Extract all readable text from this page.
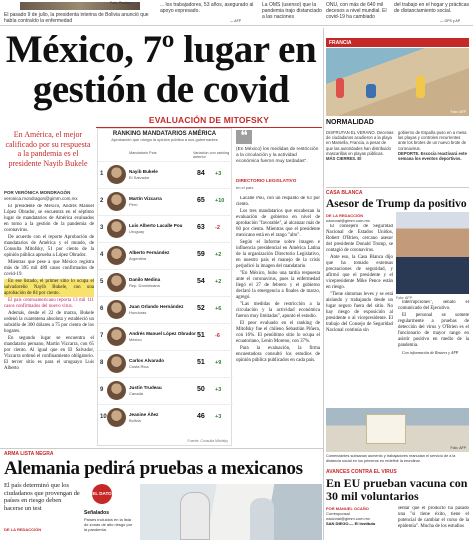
El pasado 9 de julio, la presidenta interina de Bolivia anunció que había contraído la enfermedad
... los trabajadores, 53 años, asegurado al apoyo expresado.
La OMS (usenso) que la pandemia trajo distanciado a las naciones
ONU, con más de 640 mil decesos a nivel mundial. El covid-19 ha cambiado
del trabajo en el hogar y prácticas de distanciamiento social.
Foto: Reuters
— AFP	— OPS y AP
México, 7º lugar en gestión de covid
EVALUACIÓN DE MITOFSKY
En América, el mejor calificado por su respuesta a la pandemia es el presidente Nayib Bukele
POR VERÓNICA MONDRAGÓN
veronica.mondragon@gimm.com.mx

El presidente de México, Andrés Manuel López Obrador, se encuentra en el séptimo lugar de mandatarios de América evaluados en torno a la gestión de la pandemia de coronavirus.

De acuerdo con el reporte Aprobación de mandatarios de América y el mundo, de Consulta Mitofsky, 51 por ciento de la opinión pública aprueba a López Obrador.

Mientras que pese a que México registra más de 395 mil 489 casos confirmados de covid-19.

En ese listado, el primer sitio lo ocupa el salvadoreño Nayib Bukele, con una aprobación de 84 por ciento.

El país centroamericano reporta 13 mil 111 casos confirmados del nuevo virus.

Además, desde el 22 de marzo, Bukele ordenó la cuarentena absoluta y estableció un subsidio de 300 dólares a 75 por ciento de los hogares.

En segundo lugar se encuentra el mandatario peruano, Martín Vizcarra, con 65 por ciento. Al igual que en El Salvador, Vizcarra ordenó el confinamiento obligatorio. El tercer sitio es para el uruguayo Luis Alberto

RANKING MANDATARIOS AMÉRICA
Aprobación que otorga la opinión pública a sus gobernantes
Mandatario País	Variación con ranking anterior
1	Nayib Bukele
El Salvador
84 +3
2	Martín Vizcarra
Perú
65 +10
3	Luis Alberto Lacalle Pou
Uruguay
63 -2
4	Alberto Fernández
Argentina
59 +2
5	Danilo Medina
Rep. Dominicana
54 +2
6	Juan Orlando Hernández
Honduras
52 +6
7	Andrés Manuel López Obrador
México
51 -6
8	Carlos Alvarado
Costa Rica
51 +9
9	Justin Trudeau
Canadá
50 +3
10	Jeanine Áñez
Bolivia
46 +3
Fuente: Consulta Mitofsky
❝
(En México) los medidas de restricción a la circulación y la actividad económica fueron muy tardadas".
DIRECTORIO LEGISLATIVO
en el país

Lacalle Pou, con un respaldo de 63 por ciento.

Los tres mandatarios que encabezan la evaluación de gobierno en nivel de aprobación "favorable", al alcanzar más de 60 por ciento. Mientras que el presidente mexicano está en el rango "alto".

Según el Informe sobre imagen e influencia presidencial en América Latina de la organización Directorio Legislativo, en nuestro país el manejo de la crisis perjudicó la imagen del mandatario.

"En México, hubo una tardía respuesta ante el coronavirus, pues la enfermedad llegó el 27 de febrero y el gobierno declaró la emergencia a finales de marzo, agregó.

"Las medidas de restricción a la circulación y la actividad económica fueron muy limitadas", apuntó el estudio.

El peor evaluado en el ranking de Mitofsky fue el chileno Sebastián Piñera, con 16%. El penúltimo sitio lo ocupa el ecuatoriano, Lenín Moreno, con 37%.

Para la evaluación, la firma encuestadora consultó los estudios de opinión pública publicados en cada país.

FRANCIA
Foto: AFP
NORMALIDAD
DISFRUTAN EL VERANO. Decenas de ciudadanos acudieron a la playa en Marsella, Francia, a pesar de que las autoridades han distribuido mascarillas en playas públicas.
MÁS CIERRES. El
gobierno de España puso en a mesa las playas y controles recurrentes ante los brotes de un nuevo brote de coronavirus.
DEPORTE. Escocia reactivará este semana los eventos deportivos.
CASA BLANCA
Asesor de Trump da positivo
DE LA REDACCIÓN
nacional@gimm.com.mx

El consejero de Seguridad Nacional de Estados Unidos, Robert O'Brien, cercano asesor del presidente Donald Trump, se contagió de coronavirus.

Ante eso, la Casa Blanca dijo que ha tomado extensas precauciones de seguridad, y afirmó que el presidente y el vicepresidente Mike Pence están en riesgo.

"Tiene síntomas leves y se está aislando y trabajando desde un lugar seguro fuera del sitio. No hay riesgo de exposición al presidente o al vicepresidente. El trabajo del Consejo de Seguridad Nacional continúa sin

Foto: AFP

interrupciones", señaló el comunicado del Ejecutivo.

El personal se somete regularmente a pruebas de detección del virus y O'Brien es el funcionario de mayor rango en asistir positivo en medio de la pandemia.

Con información de Reuters y AFP

Foto: AFP
Comerciantes subsanan aumento y trabajadores reanudan el servicio de a la distancia social en los primeros en redefinir la erundinar.
AVANCES CONTRA EL VIRUS
En EU prueban vacuna con 30 mil voluntarios
POR MANUEL OCAÑO
Corresponsal
nacional@gimm.com.mx
SAN DIEGO.— El Instituto
sentar que el producto ha pasado una "si tiene éxito, tiene el potencial de cambiar el curso de la epidemia". Mucha de los estudios
ARMA LISTA NEGRA
Alemania pedirá pruebas a mexicanos
El país determinó que los ciudadanos que provengan de países en riesgo deben hacerse un test
DE LA REDACCIÓN
EL DATO
Señalados
Países incluidos en la lista de zonas de alto riesgo por la pandemia.
